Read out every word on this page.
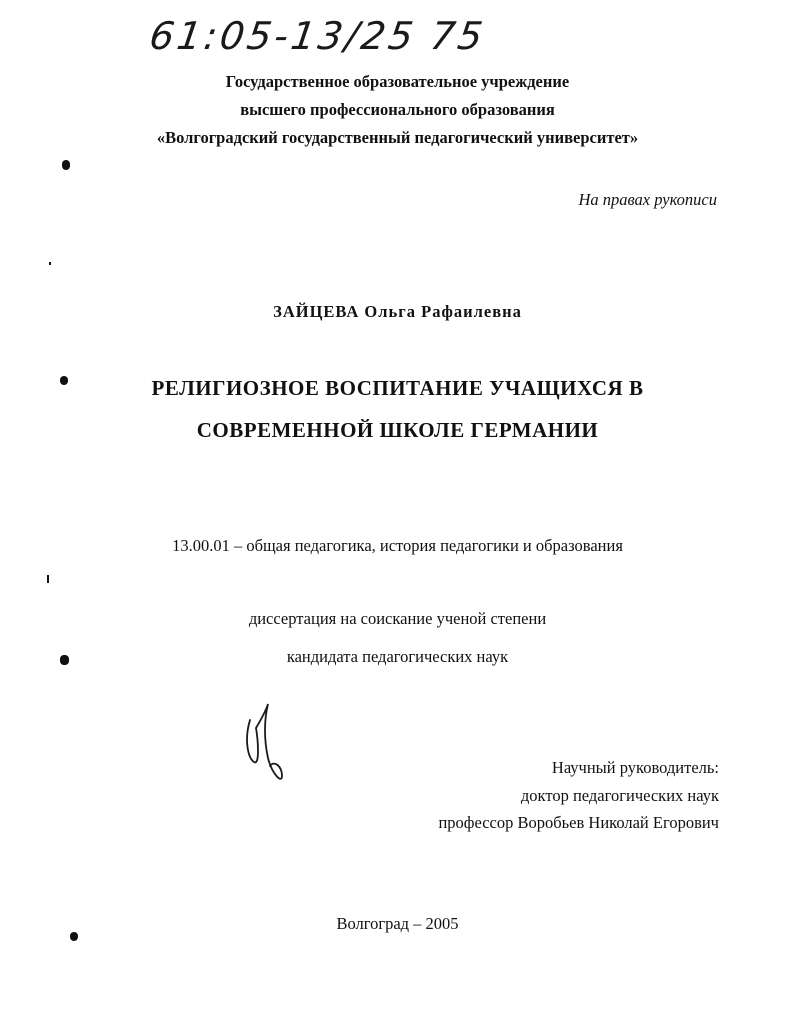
61:05-13/25 75
Государственное образовательное учреждение
высшего профессионального образования
«Волгоградский государственный педагогический университет»
На правах рукописи
ЗАЙЦЕВА Ольга Рафаилевна
РЕЛИГИОЗНОЕ ВОСПИТАНИЕ УЧАЩИХСЯ В
СОВРЕМЕННОЙ ШКОЛЕ ГЕРМАНИИ
13.00.01 – общая педагогика, история педагогики и образования
диссертация на соискание ученой степени
кандидата педагогических наук
Научный руководитель:
доктор педагогических наук
профессор Воробьев Николай Егорович
Волгоград – 2005
